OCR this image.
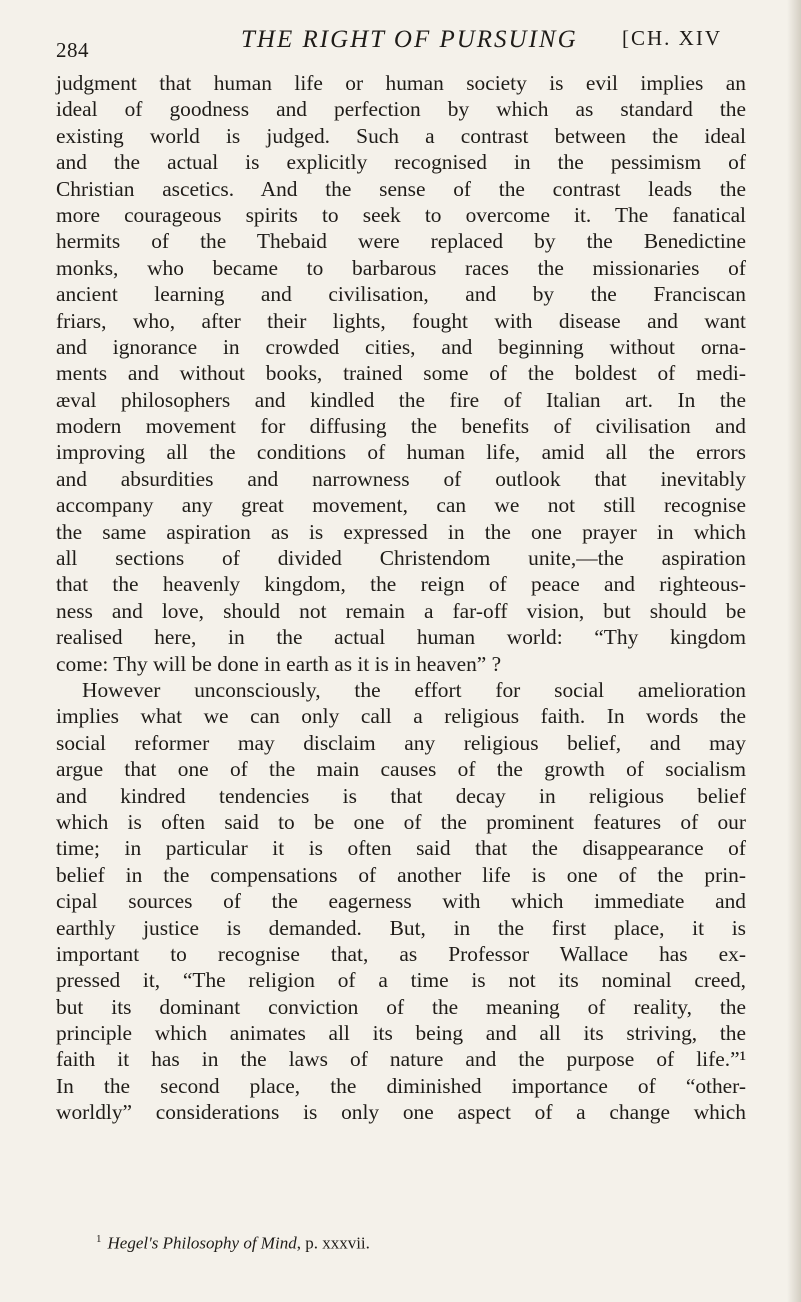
284	THE RIGHT OF PURSUING [CH. XIV
judgment that human life or human society is evil implies an
ideal of goodness and perfection by which as standard the
existing world is judged. Such a contrast between the ideal
and the actual is explicitly recognised in the pessimism of
Christian ascetics. And the sense of the contrast leads the
more courageous spirits to seek to overcome it. The fanatical
hermits of the Thebaid were replaced by the Benedictine
monks, who became to barbarous races the missionaries of
ancient learning and civilisation, and by the Franciscan
friars, who, after their lights, fought with disease and want
and ignorance in crowded cities, and beginning without orna-
ments and without books, trained some of the boldest of medi-
æval philosophers and kindled the fire of Italian art. In the
modern movement for diffusing the benefits of civilisation and
improving all the conditions of human life, amid all the errors
and absurdities and narrowness of outlook that inevitably
accompany any great movement, can we not still recognise
the same aspiration as is expressed in the one prayer in which
all sections of divided Christendom unite,—the aspiration
that the heavenly kingdom, the reign of peace and righteous-
ness and love, should not remain a far-off vision, but should be
realised here, in the actual human world: “Thy kingdom
come: Thy will be done in earth as it is in heaven” ?
However unconsciously, the effort for social amelioration
implies what we can only call a religious faith. In words the
social reformer may disclaim any religious belief, and may
argue that one of the main causes of the growth of socialism
and kindred tendencies is that decay in religious belief
which is often said to be one of the prominent features of our
time; in particular it is often said that the disappearance of
belief in the compensations of another life is one of the prin-
cipal sources of the eagerness with which immediate and
earthly justice is demanded. But, in the first place, it is
important to recognise that, as Professor Wallace has ex-
pressed it, “The religion of a time is not its nominal creed,
but its dominant conviction of the meaning of reality, the
principle which animates all its being and all its striving, the
faith it has in the laws of nature and the purpose of life.”¹
In the second place, the diminished importance of “other-
worldly” considerations is only one aspect of a change which
$^1$ Hegel's Philosophy of Mind, p. xxxvii.
